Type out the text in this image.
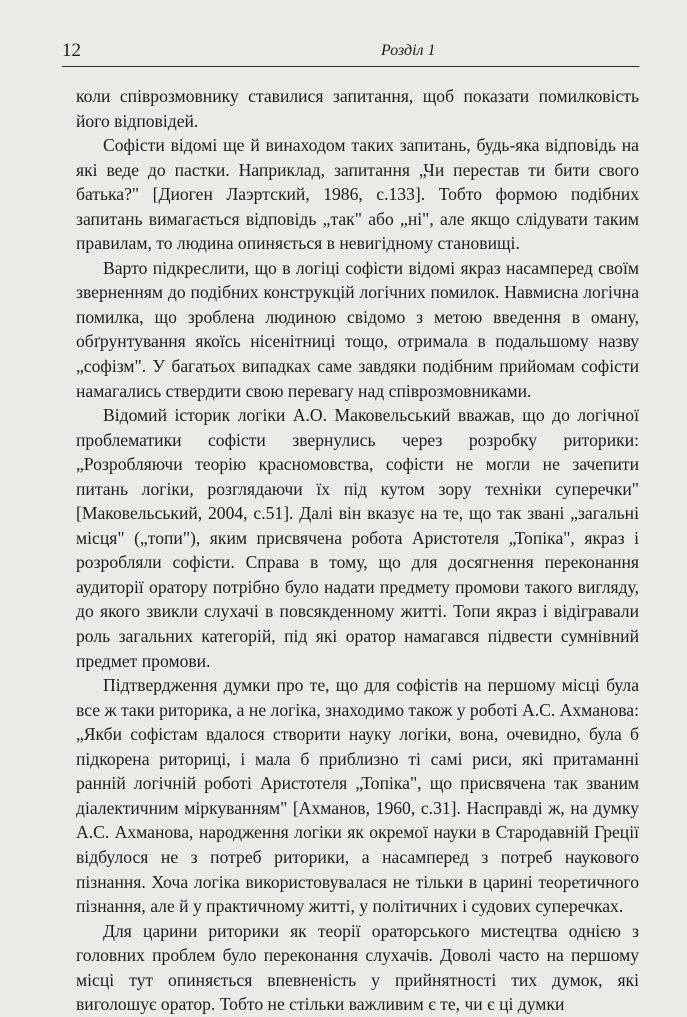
12	Розділ 1

коли співрозмовнику ставилися запитання, щоб показати помилковість його відповідей.

Софісти відомі ще й винаходом таких запитань, будь-яка відповідь на які веде до пастки. Наприклад, запитання „Чи перестав ти бити свого батька?" [Диоген Лаэртский, 1986, с.133]. Тобто формою подібних запитань вимагається відповідь „так" або „ні", але якщо слідувати таким правилам, то людина опиняється в невигідному становищі.

Варто підкреслити, що в логіці софісти відомі якраз насамперед своїм зверненням до подібних конструкцій логічних помилок. Навмисна логічна помилка, що зроблена людиною свідомо з метою введення в оману, обґрунтування якоїсь нісенітниці тощо, отримала в подальшому назву „софізм". У багатьох випадках саме завдяки подібним прийомам софісти намагались ствердити свою перевагу над співрозмовниками.

Відомий історик логіки А.О. Маковельський вважав, що до логічної проблематики софісти звернулись через розробку риторики: „Розробляючи теорію красномовства, софісти не могли не зачепити питань логіки, розглядаючи їх під кутом зору техніки суперечки" [Маковельський, 2004, с.51]. Далі він вказує на те, що так звані „загальні місця" („топи"), яким присвячена робота Аристотеля „Топіка", якраз і розробляли софісти. Справа в тому, що для досягнення переконання аудиторії оратору потрібно було надати предмету промови такого вигляду, до якого звикли слухачі в повсякденному житті. Топи якраз і відігравали роль загальних категорій, під які оратор намагався підвести сумнівний предмет промови.

Підтвердження думки про те, що для софістів на першому місці була все ж таки риторика, а не логіка, знаходимо також у роботі А.С. Ахманова: „Якби софістам вдалося створити науку логіки, вона, очевидно, була б підкорена риториці, і мала б приблизно ті самі риси, які притаманні ранній логічній роботі Аристотеля „Топіка", що присвячена так званим діалектичним міркуванням" [Ахманов, 1960, с.31]. Насправді ж, на думку А.С. Ахманова, народження логіки як окремої науки в Стародавній Греції відбулося не з потреб риторики, а насамперед з потреб наукового пізнання. Хоча логіка використовувалася не тільки в царині теоретичного пізнання, але й у практичному житті, у політичних і судових суперечках.

Для царини риторики як теорії ораторського мистецтва однією з головних проблем було переконання слухачів. Доволі часто на першому місці тут опиняється впевненість у прийнятності тих думок, які виголошує оратор. Тобто не стільки важливим є те, чи є ці думки
